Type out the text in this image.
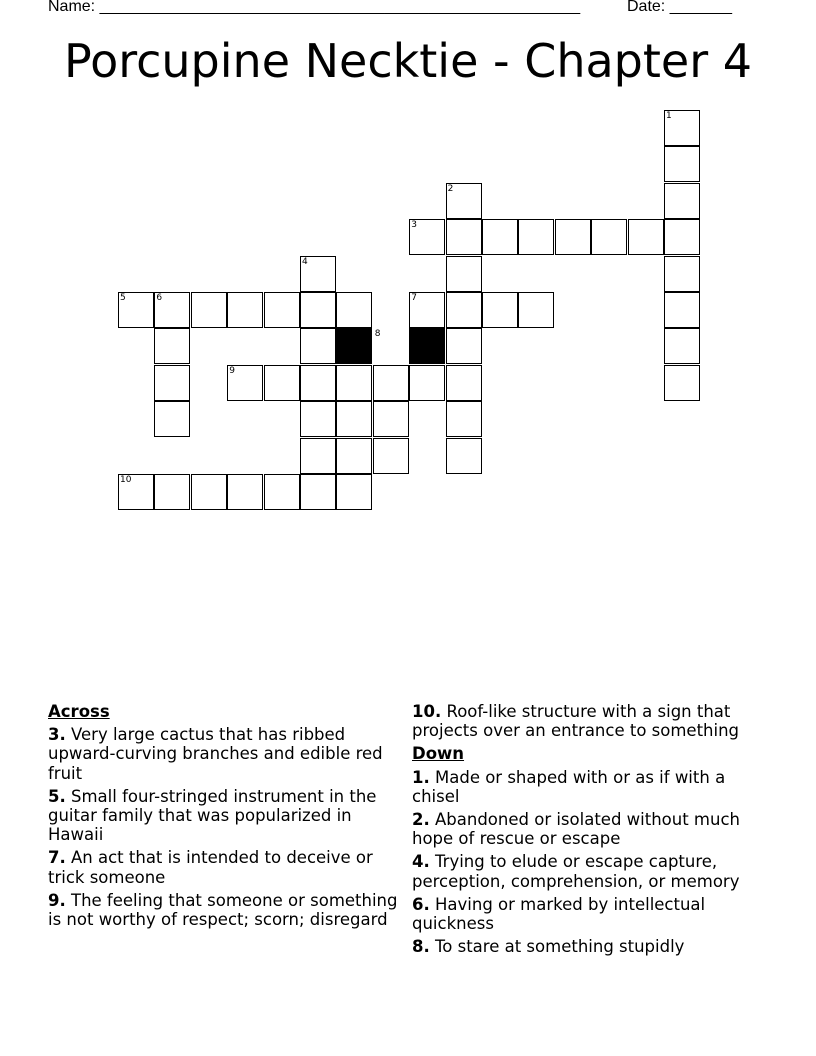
Name: ______________________________________________________	Date: _______
Porcupine Necktie - Chapter 4
1
2
3
4
5	6	7
8
9
10
Across
3. Very large cactus that has ribbed upward-curving branches and edible red fruit
5. Small four-stringed instrument in the guitar family that was popularized in Hawaii
7. An act that is intended to deceive or trick someone
9. The feeling that someone or something is not worthy of respect; scorn; disregard
10. Roof-like structure with a sign that projects over an entrance to something
Down
1. Made or shaped with or as if with a chisel
2. Abandoned or isolated without much hope of rescue or escape
4. Trying to elude or escape capture, perception, comprehension, or memory
6. Having or marked by intellectual quickness
8. To stare at something stupidly
